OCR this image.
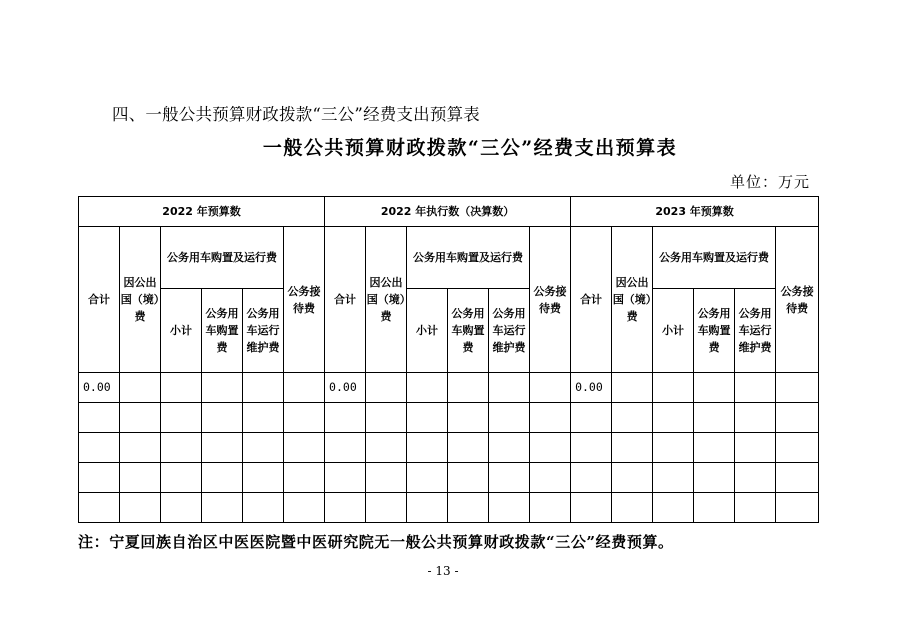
四、一般公共预算财政拨款“三公”经费支出预算表
一般公共预算财政拨款“三公”经费支出预算表
单位：万元
2022 年预算数						2022 年执行数（决算数）						2023 年预算数					
合计	因公出国（境）费	公务用车购置及运行费			公务接待费	合计	因公出国（境）费	公务用车购置及运行费			公务接待费	合计	因公出国（境）费	公务用车购置及运行费			公务接待费
		小计	公务用车购置费	公务用车运行维护费				小计	公务用车购置费	公务用车运行维护费				小计	公务用车购置费	公务用车运行维护费	
0.00						0.00						0.00					

注：宁夏回族自治区中医医院暨中医研究院无一般公共预算财政拨款“三公”经费预算。
- 13 -
